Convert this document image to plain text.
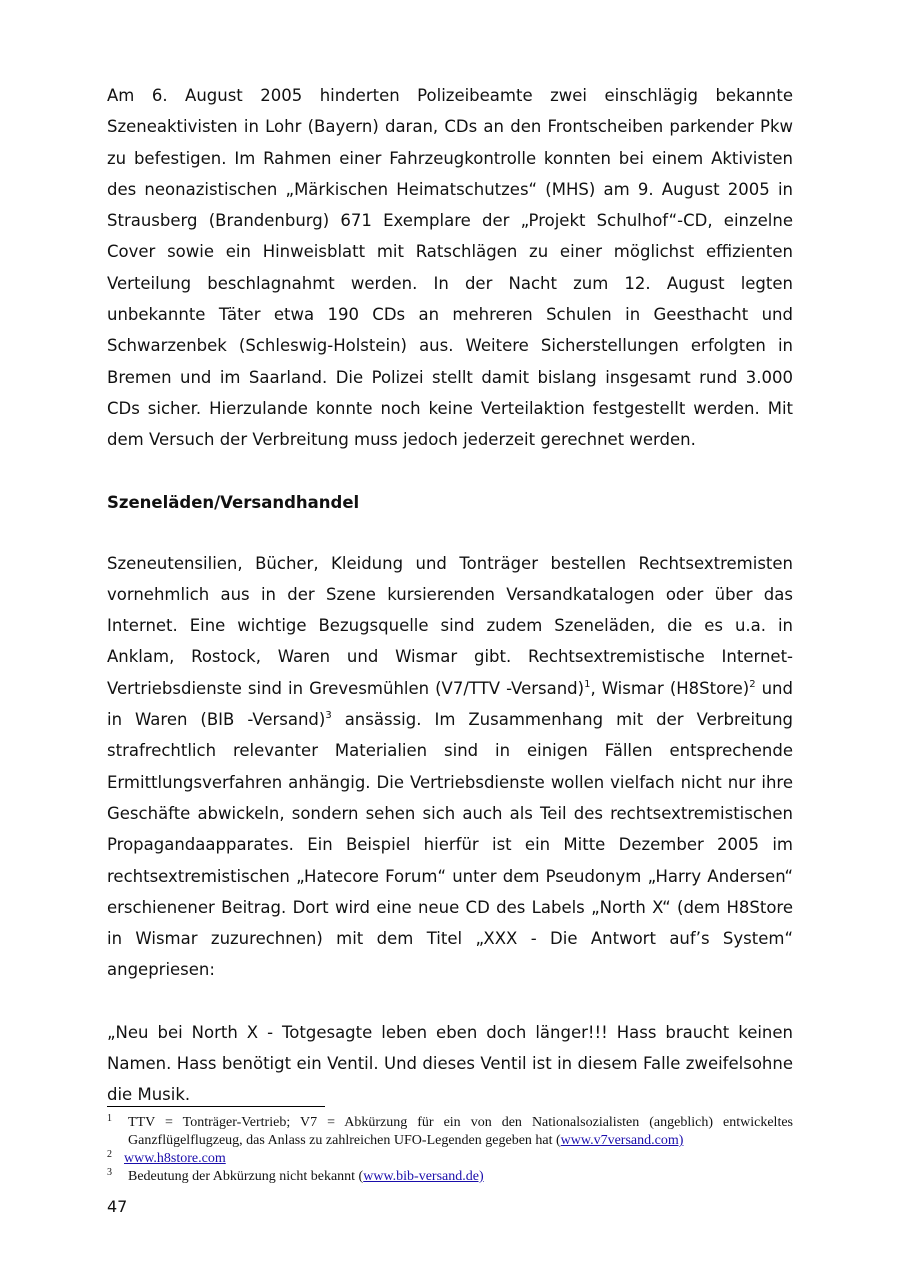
Am 6. August 2005 hinderten Polizeibeamte zwei einschlägig bekannte Szeneaktivisten in Lohr (Bayern) daran, CDs an den Frontscheiben parkender Pkw zu befestigen. Im Rahmen einer Fahrzeugkontrolle konnten bei einem Aktivisten des neonazistischen „Märkischen Heimatschutzes“ (MHS) am 9. August 2005 in Strausberg (Brandenburg) 671 Exemplare der „Projekt Schulhof“-CD, einzelne Cover sowie ein Hinweisblatt mit Ratschlägen zu einer möglichst effizienten Verteilung beschlagnahmt werden. In der Nacht zum 12. August legten unbekannte Täter etwa 190 CDs an mehreren Schulen in Geesthacht und Schwarzenbek (Schleswig-Holstein) aus. Weitere Sicherstellungen erfolgten in Bremen und im Saarland. Die Polizei stellt damit bislang insgesamt rund 3.000 CDs sicher. Hierzulande konnte noch keine Verteilaktion festgestellt werden. Mit dem Versuch der Verbreitung muss jedoch jederzeit gerechnet werden.

Szeneläden/Versandhandel

Szeneutensilien, Bücher, Kleidung und Tonträger bestellen Rechtsextremisten vornehmlich aus in der Szene kursierenden Versandkatalogen oder über das Internet. Eine wichtige Bezugsquelle sind zudem Szeneläden, die es u.a. in Anklam, Rostock, Waren und Wismar gibt. Rechtsextremistische Internet-Vertriebsdienste sind in Grevesmühlen (V7/TTV -Versand)$^1$, Wismar (H8Store)$^2$ und in Waren (BIB -Versand)$^3$ ansässig. Im Zusammenhang mit der Verbreitung strafrechtlich relevanter Materialien sind in einigen Fällen entsprechende Ermittlungsverfahren anhängig. Die Vertriebsdienste wollen vielfach nicht nur ihre Geschäfte abwickeln, sondern sehen sich auch als Teil des rechtsextremistischen Propagandaapparates. Ein Beispiel hierfür ist ein Mitte Dezember 2005 im rechtsextremistischen „Hatecore Forum“ unter dem Pseudonym „Harry Andersen“ erschienener Beitrag. Dort wird eine neue CD des Labels „North X“ (dem H8Store in Wismar zuzurechnen) mit dem Titel „XXX - Die Antwort auf’s System“ angepriesen:

„Neu bei North X - Totgesagte leben eben doch länger!!! Hass braucht keinen Namen. Hass benötigt ein Ventil. Und dieses Ventil ist in diesem Falle zweifelsohne die Musik.

1 TTV = Tonträger-Vertrieb; V7 = Abkürzung für ein von den Nationalsozialisten (angeblich) entwickeltes Ganzflügelflugzeug, das Anlass zu zahlreichen UFO-Legenden gegeben hat (www.v7versand.com)
2 www.h8store.com
3 Bedeutung der Abkürzung nicht bekannt (www.bib-versand.de)
47
